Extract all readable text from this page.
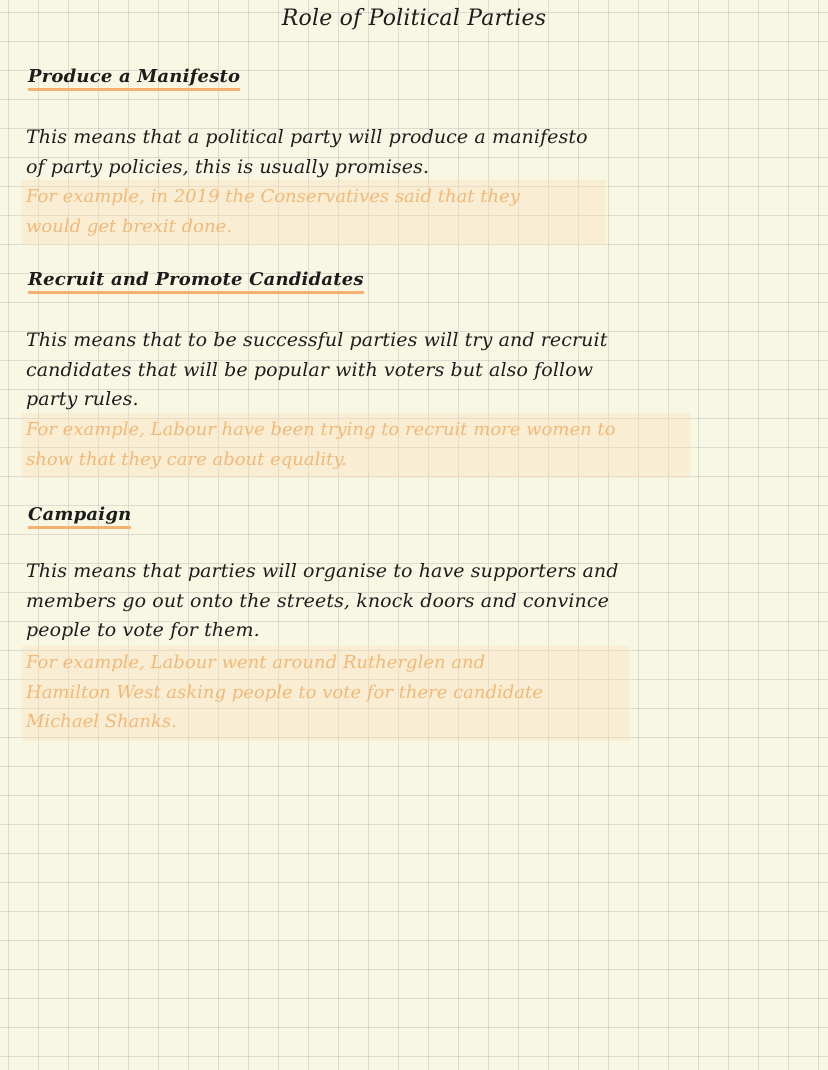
Role of Political Parties
Produce a Manifesto
This means that a political party will produce a manifesto
of party policies, this is usually promises.
For example, in 2019 the Conservatives said that they
would get brexit done.
Recruit and Promote Candidates
This means that to be successful parties will try and recruit
candidates that will be popular with voters but also follow
party rules.
For example, Labour have been trying to recruit more women to
show that they care about equality.
Campaign
This means that parties will organise to have supporters and
members go out onto the streets, knock doors and convince
people to vote for them.
For example, Labour went around Rutherglen and
Hamilton West asking people to vote for there candidate
Michael Shanks.
